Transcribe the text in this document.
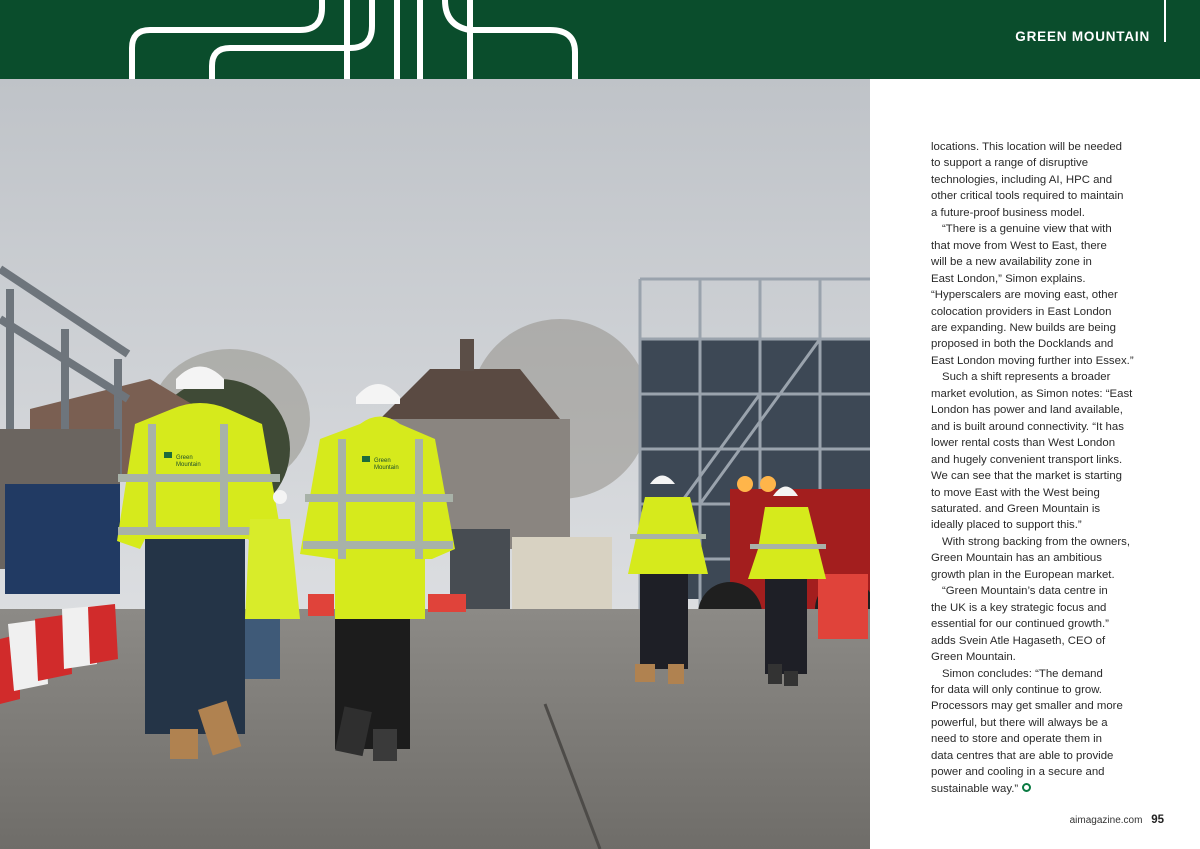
GREEN MOUNTAIN
Green
Mountain
Green
Mountain

locations. This location will be needed
to support a range of disruptive
technologies, including AI, HPC and
other critical tools required to maintain
a future-proof business model.

“There is a genuine view that with
that move from West to East, there
will be a new availability zone in
East London,” Simon explains.
“Hyperscalers are moving east, other
colocation providers in East London
are expanding. New builds are being
proposed in both the Docklands and
East London moving further into Essex.”

Such a shift represents a broader
market evolution, as Simon notes: “East
London has power and land available,
and is built around connectivity. “It has
lower rental costs than West London
and hugely convenient transport links.
We can see that the market is starting
to move East with the West being
saturated. and Green Mountain is
ideally placed to support this.”

With strong backing from the owners,
Green Mountain has an ambitious
growth plan in the European market.

“Green Mountain’s data centre in
the UK is a key strategic focus and
essential for our continued growth.”
adds Svein Atle Hagaseth, CEO of
Green Mountain.

Simon concludes: “The demand
for data will only continue to grow.
Processors may get smaller and more
powerful, but there will always be a
need to store and operate them in
data centres that are able to provide
power and cooling in a secure and
sustainable way.”

aimagazine.com 95
